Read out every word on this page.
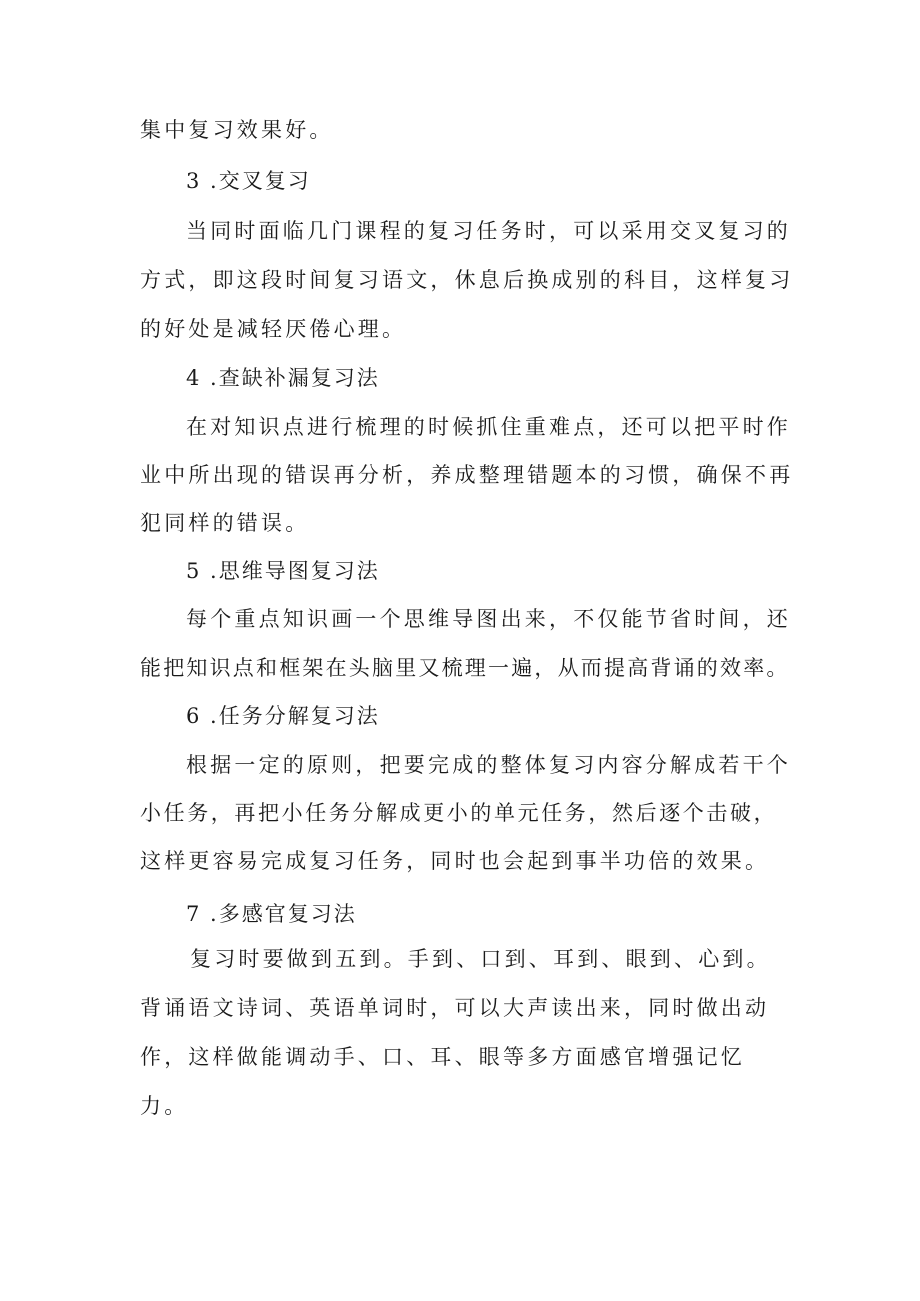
集中复习效果好。
3 .交叉复习
当同时面临几门课程的复习任务时，可以采用交叉复习的
方式，即这段时间复习语文，休息后换成别的科目，这样复习
的好处是减轻厌倦心理。
4 .查缺补漏复习法
在对知识点进行梳理的时候抓住重难点，还可以把平时作
业中所出现的错误再分析，养成整理错题本的习惯，确保不再
犯同样的错误。
5 .思维导图复习法
每个重点知识画一个思维导图出来，不仅能节省时间，还
能把知识点和框架在头脑里又梳理一遍，从而提高背诵的效率。
6 .任务分解复习法
根据一定的原则，把要完成的整体复习内容分解成若干个
小任务，再把小任务分解成更小的单元任务，然后逐个击破，
这样更容易完成复习任务，同时也会起到事半功倍的效果。
7 .多感官复习法
复习时要做到五到。手到、口到、耳到、眼到、心到。
背诵语文诗词、英语单词时，可以大声读出来，同时做出动
作，这样做能调动手、口、耳、眼等多方面感官增强记忆
力。
